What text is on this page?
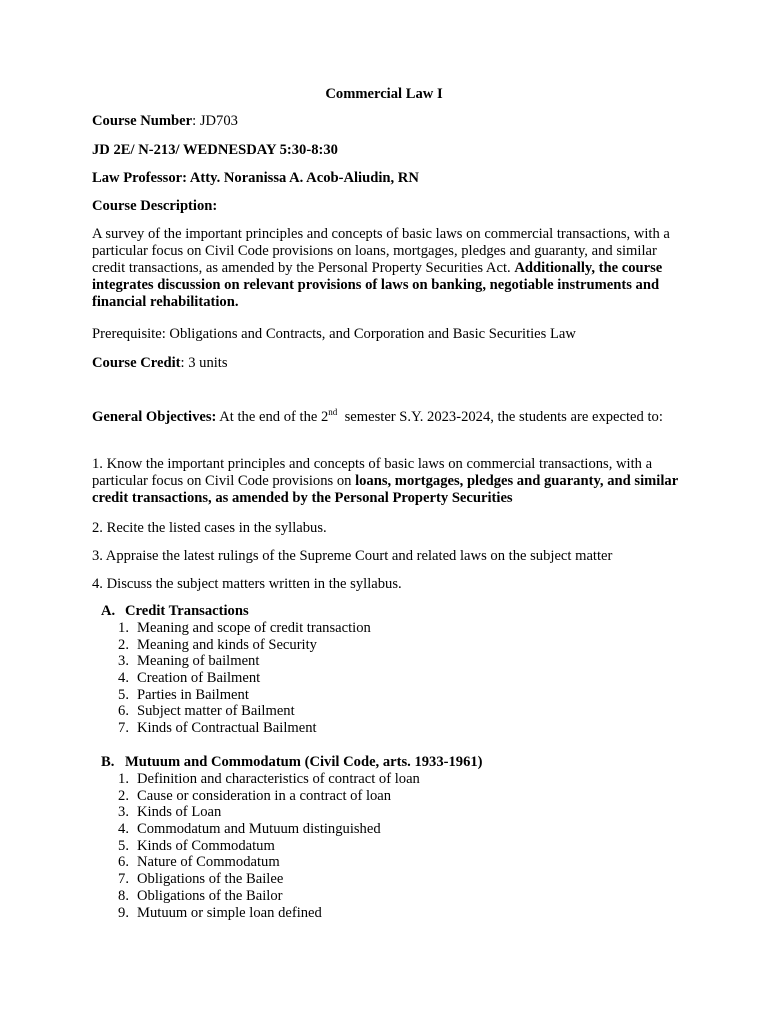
Commercial Law I

Course Number: JD703

JD 2E/ N-213/ WEDNESDAY 5:30-8:30

Law Professor: Atty. Noranissa A. Acob-Aliudin, RN

Course Description:

A survey of the important principles and concepts of basic laws on commercial transactions, with a particular focus on Civil Code provisions on loans, mortgages, pledges and guaranty, and similar credit transactions, as amended by the Personal Property Securities Act. Additionally, the course integrates discussion on relevant provisions of laws on banking, negotiable instruments and financial rehabilitation.

Prerequisite: Obligations and Contracts, and Corporation and Basic Securities Law

Course Credit: 3 units

General Objectives: At the end of the 2nd semester S.Y. 2023-2024, the students are expected to:

1. Know the important principles and concepts of basic laws on commercial transactions, with a particular focus on Civil Code provisions on loans, mortgages, pledges and guaranty, and similar credit transactions, as amended by the Personal Property Securities

2. Recite the listed cases in the syllabus.

3. Appraise the latest rulings of the Supreme Court and related laws on the subject matter

4. Discuss the subject matters written in the syllabus.

A. Credit Transactions
1. Meaning and scope of credit transaction
2. Meaning and kinds of Security
3. Meaning of bailment
4. Creation of Bailment
5. Parties in Bailment
6. Subject matter of Bailment
7. Kinds of Contractual Bailment
B. Mutuum and Commodatum (Civil Code, arts. 1933-1961)
1. Definition and characteristics of contract of loan
2. Cause or consideration in a contract of loan
3. Kinds of Loan
4. Commodatum and Mutuum distinguished
5. Kinds of Commodatum
6. Nature of Commodatum
7. Obligations of the Bailee
8. Obligations of the Bailor
9. Mutuum or simple loan defined
